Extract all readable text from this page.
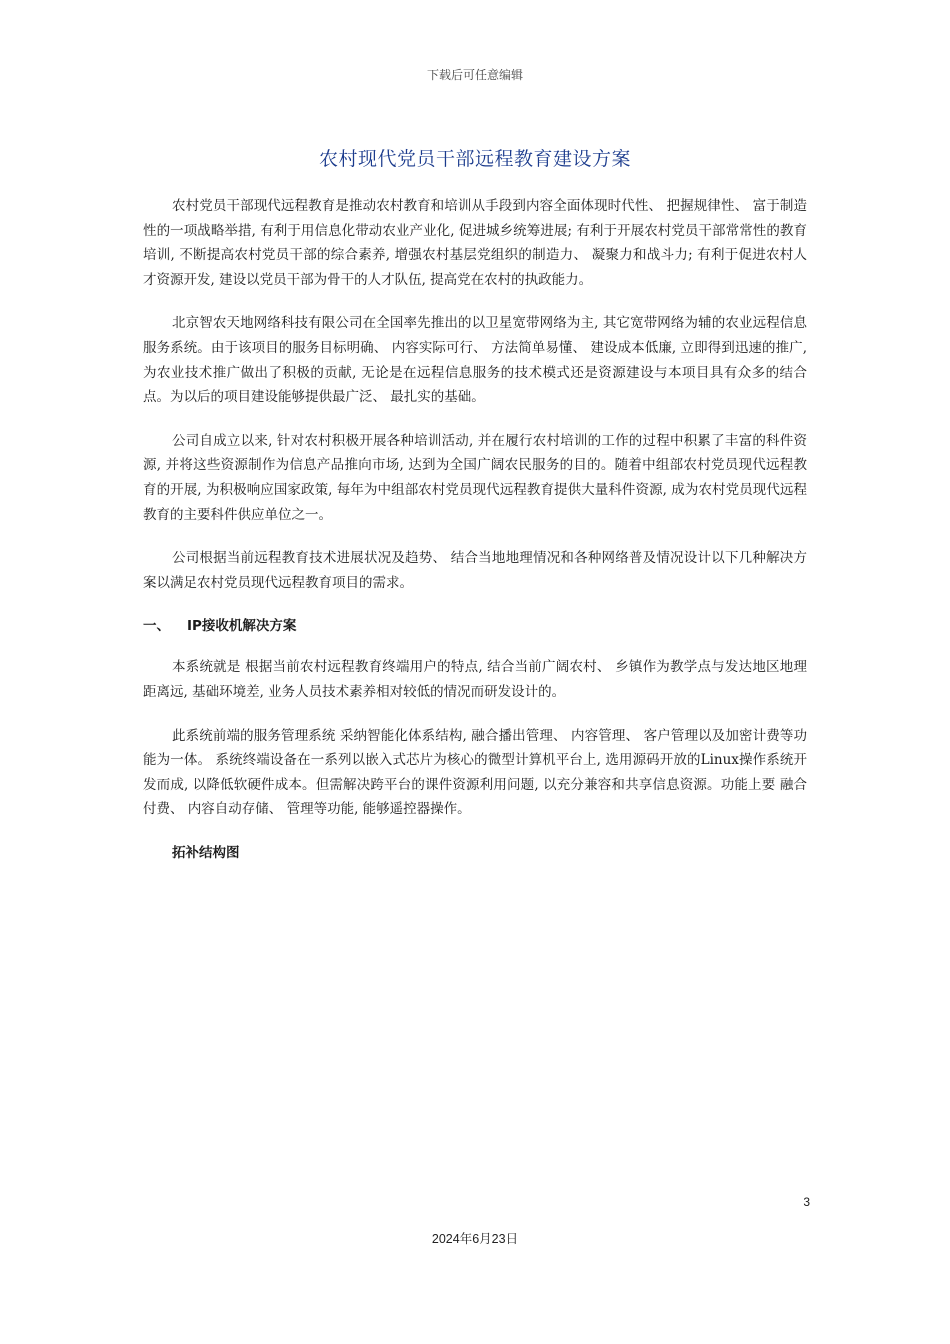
下载后可任意编辑
农村现代党员干部远程教育建设方案

农村党员干部现代远程教育是推动农村教育和培训从手段到内容全面体现时代性、 把握规律性、 富于制造性的一项战略举措, 有利于用信息化带动农业产业化, 促进城乡统筹进展; 有利于开展农村党员干部常常性的教育培训, 不断提高农村党员干部的综合素养, 增强农村基层党组织的制造力、 凝聚力和战斗力; 有利于促进农村人才资源开发, 建设以党员干部为骨干的人才队伍, 提高党在农村的执政能力。

北京智农天地网络科技有限公司在全国率先推出的以卫星宽带网络为主, 其它宽带网络为辅的农业远程信息服务系统。由于该项目的服务目标明确、 内容实际可行、 方法简单易懂、 建设成本低廉, 立即得到迅速的推广, 为农业技术推广做出了积极的贡献, 无论是在远程信息服务的技术模式还是资源建设与本项目具有众多的结合点。为以后的项目建设能够提供最广泛、 最扎实的基础。

公司自成立以来, 针对农村积极开展各种培训活动, 并在履行农村培训的工作的过程中积累了丰富的科件资源, 并将这些资源制作为信息产品推向市场, 达到为全国广阔农民服务的目的。随着中组部农村党员现代远程教育的开展, 为积极响应国家政策, 每年为中组部农村党员现代远程教育提供大量科件资源, 成为农村党员现代远程教育的主要科件供应单位之一。

公司根据当前远程教育技术进展状况及趋势、 结合当地地理情况和各种网络普及情况设计以下几种解决方案以满足农村党员现代远程教育项目的需求。

一、 IP接收机解决方案

本系统就是 根据当前农村远程教育终端用户的特点, 结合当前广阔农村、 乡镇作为教学点与发达地区地理距离远, 基础环境差, 业务人员技术素养相对较低的情况而研发设计的。

此系统前端的服务管理系统 采纳智能化体系结构, 融合播出管理、 内容管理、 客户管理以及加密计费等功能为一体。 系统终端设备在一系列以嵌入式芯片为核心的微型计算机平台上, 选用源码开放的Linux操作系统开发而成, 以降低软硬件成本。但需解决跨平台的课件资源利用问题, 以充分兼容和共享信息资源。功能上要 融合付费、 内容自动存储、 管理等功能, 能够遥控器操作。

拓补结构图
3
2024年6月23日
